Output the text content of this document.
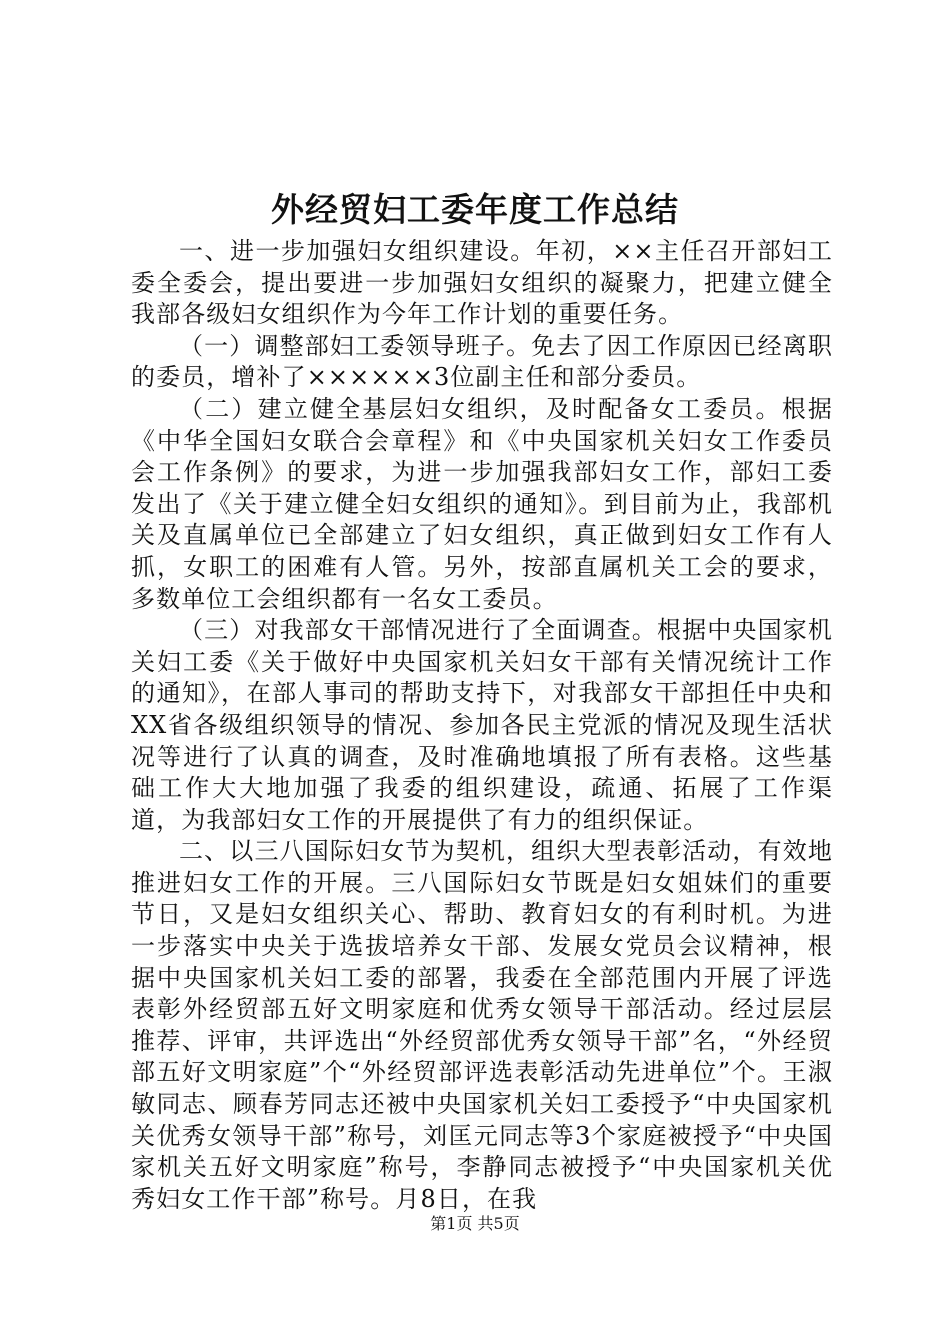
外经贸妇工委年度工作总结

一、进一步加强妇女组织建设。年初，××主任召开部妇工委全委会，提出要进一步加强妇女组织的凝聚力，把建立健全我部各级妇女组织作为今年工作计划的重要任务。

（一）调整部妇工委领导班子。免去了因工作原因已经离职的委员，增补了××××××3位副主任和部分委员。

（二）建立健全基层妇女组织，及时配备女工委员。根据《中华全国妇女联合会章程》和《中央国家机关妇女工作委员会工作条例》的要求，为进一步加强我部妇女工作，部妇工委发出了《关于建立健全妇女组织的通知》。到目前为止，我部机关及直属单位已全部建立了妇女组织，真正做到妇女工作有人抓，女职工的困难有人管。另外，按部直属机关工会的要求，多数单位工会组织都有一名女工委员。

（三）对我部女干部情况进行了全面调查。根据中央国家机关妇工委《关于做好中央国家机关妇女干部有关情况统计工作的通知》，在部人事司的帮助支持下，对我部女干部担任中央和XX省各级组织领导的情况、参加各民主党派的情况及现生活状况等进行了认真的调查，及时准确地填报了所有表格。这些基础工作大大地加强了我委的组织建设，疏通、拓展了工作渠道，为我部妇女工作的开展提供了有力的组织保证。

二、以三八国际妇女节为契机，组织大型表彰活动，有效地推进妇女工作的开展。三八国际妇女节既是妇女姐妹们的重要节日，又是妇女组织关心、帮助、教育妇女的有利时机。为进一步落实中央关于选拔培养女干部、发展女党员会议精神，根据中央国家机关妇工委的部署，我委在全部范围内开展了评选表彰外经贸部五好文明家庭和优秀女领导干部活动。经过层层推荐、评审，共评选出“外经贸部优秀女领导干部”名，“外经贸部五好文明家庭”个“外经贸部评选表彰活动先进单位”个。王淑敏同志、顾春芳同志还被中央国家机关妇工委授予“中央国家机关优秀女领导干部”称号，刘匡元同志等3个家庭被授予“中央国家机关五好文明家庭”称号，李静同志被授予“中央国家机关优秀妇女工作干部”称号。月8日，在我

第1页 共5页
